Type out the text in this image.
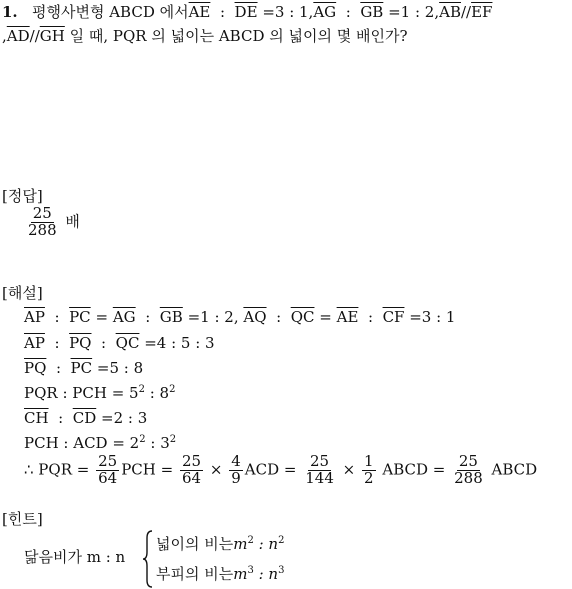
1. 평행사변형 ABCD 에서$\overline{AE}$ : $\overline{DE} =3$ : $1,\overline{AG}$ : $\overline{GB} =1$ : $2,\overline{AB}//\overline{EF}$
$,\overline{AD}//\overline{GH}$ 일 때, PQR 의 넓이는 ABCD 의 넓이의 몇 배인가?
[정답]
$\frac{25}{288}$ 배
[해설]
$\overline{AP}$ : $\overline{PC} = \overline{AG}$ : $\overline{GB} =1$ : 2, $\overline{AQ}$ : $\overline{QC} = \overline{AE}$ : $\overline{CF} =3$ : 1
$\overline{AP}$ : $\overline{PQ}$ : $\overline{QC} =4$ : 5 : 3
$\overline{PQ}$ : $\overline{PC} =5$ : 8
PQR : PCH = $5^2$ : $8^2$
$\overline{CH}$ : $\overline{CD} =2$ : 3
PCH : ACD = $2^2$ : $3^2$
∴ PQR = $\frac{25}{64}$ PCH = $\frac{25}{64} \times \frac{4}{9}$ ACD = $\frac{25}{144} \times \frac{1}{2}$ ABCD = $\frac{25}{288}$ ABCD
[힌트]
닮음비가 m : n
넓이의 비는$m^2$ : $n^2$
부피의 비는$m^3$ : $n^3$
